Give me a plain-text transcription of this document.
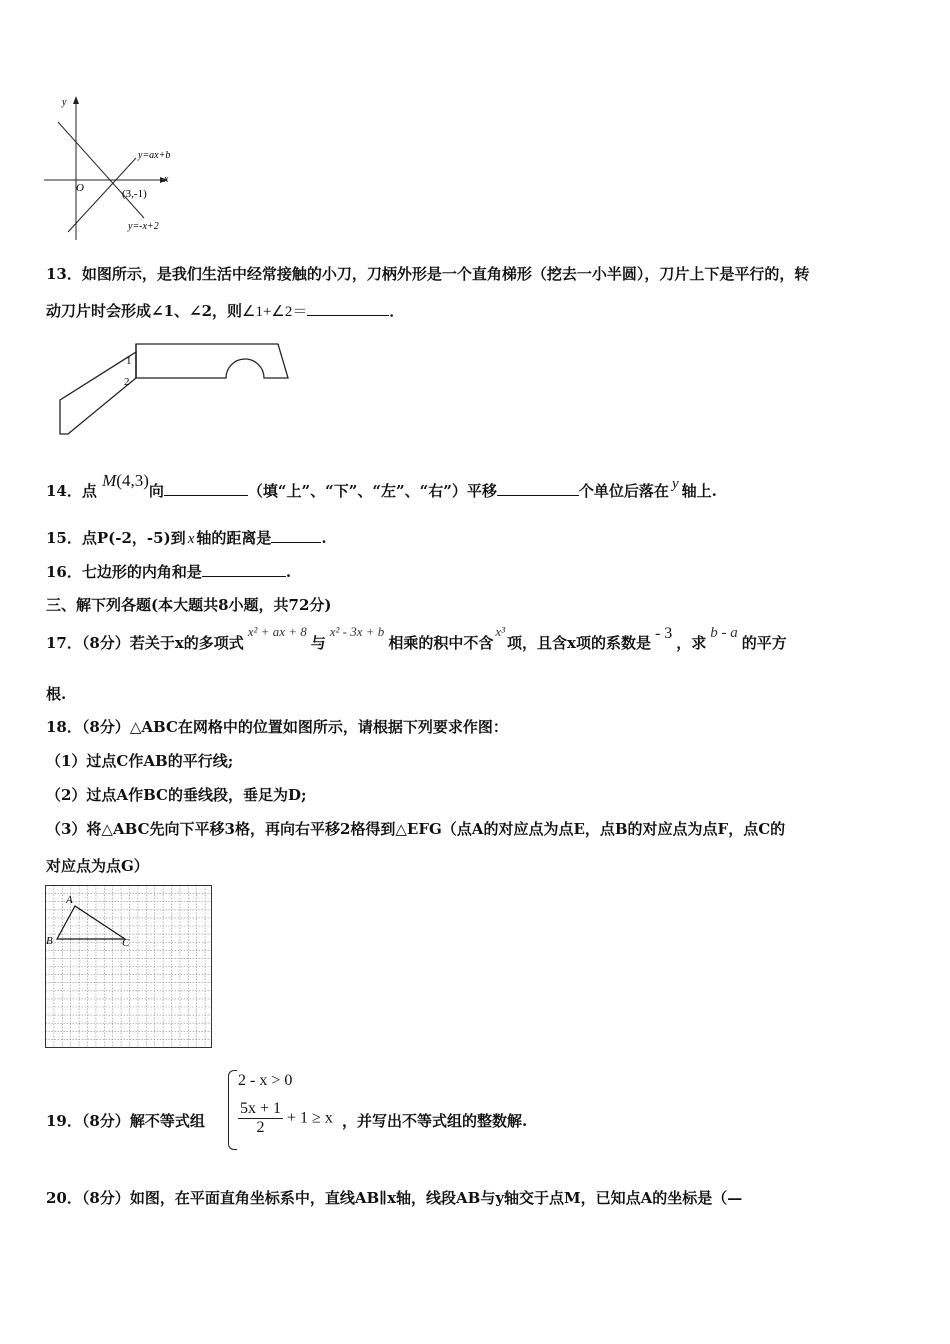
y
x
O
y=ax+b
(3,-1)
y=-x+2
13．如图所示，是我们生活中经常接触的小刀，刀柄外形是一个直角梯形（挖去一小半圆），刀片上下是平行的，转
动刀片时会形成∠1、∠2，则∠1+∠2＝	．
1
2
14．点 M(4,3)向	（填“上”、“下”、“左”、“右”）平移	个单位后落在 y 轴上.
15．点P(-2，-5)到 x 轴的距离是	.
16．七边形的内角和是	.
三、解下列各题(本大题共8小题，共72分)
17．（8分）若关于x的多项式x² + ax + 8与x² - 3x + b相乘的积中不含x³项，且含x项的系数是- 3，求b - a的平方
根.
18．（8分）△ABC在网格中的位置如图所示，请根据下列要求作图：
（1）过点C作AB的平行线;
（2）过点A作BC的垂线段，垂足为D;
（3）将△ABC先向下平移3格，再向右平移2格得到△EFG（点A的对应点为点E，点B的对应点为点F，点C的
对应点为点G）
A
B	C
19．（8分）解不等式组
2 - x > 0
$\frac{5x + 1}{2} + 1 \ge x$ ，并写出不等式组的整数解.
20．（8分）如图，在平面直角坐标系中，直线AB∥x轴，线段AB与y轴交于点M，已知点A的坐标是（—
